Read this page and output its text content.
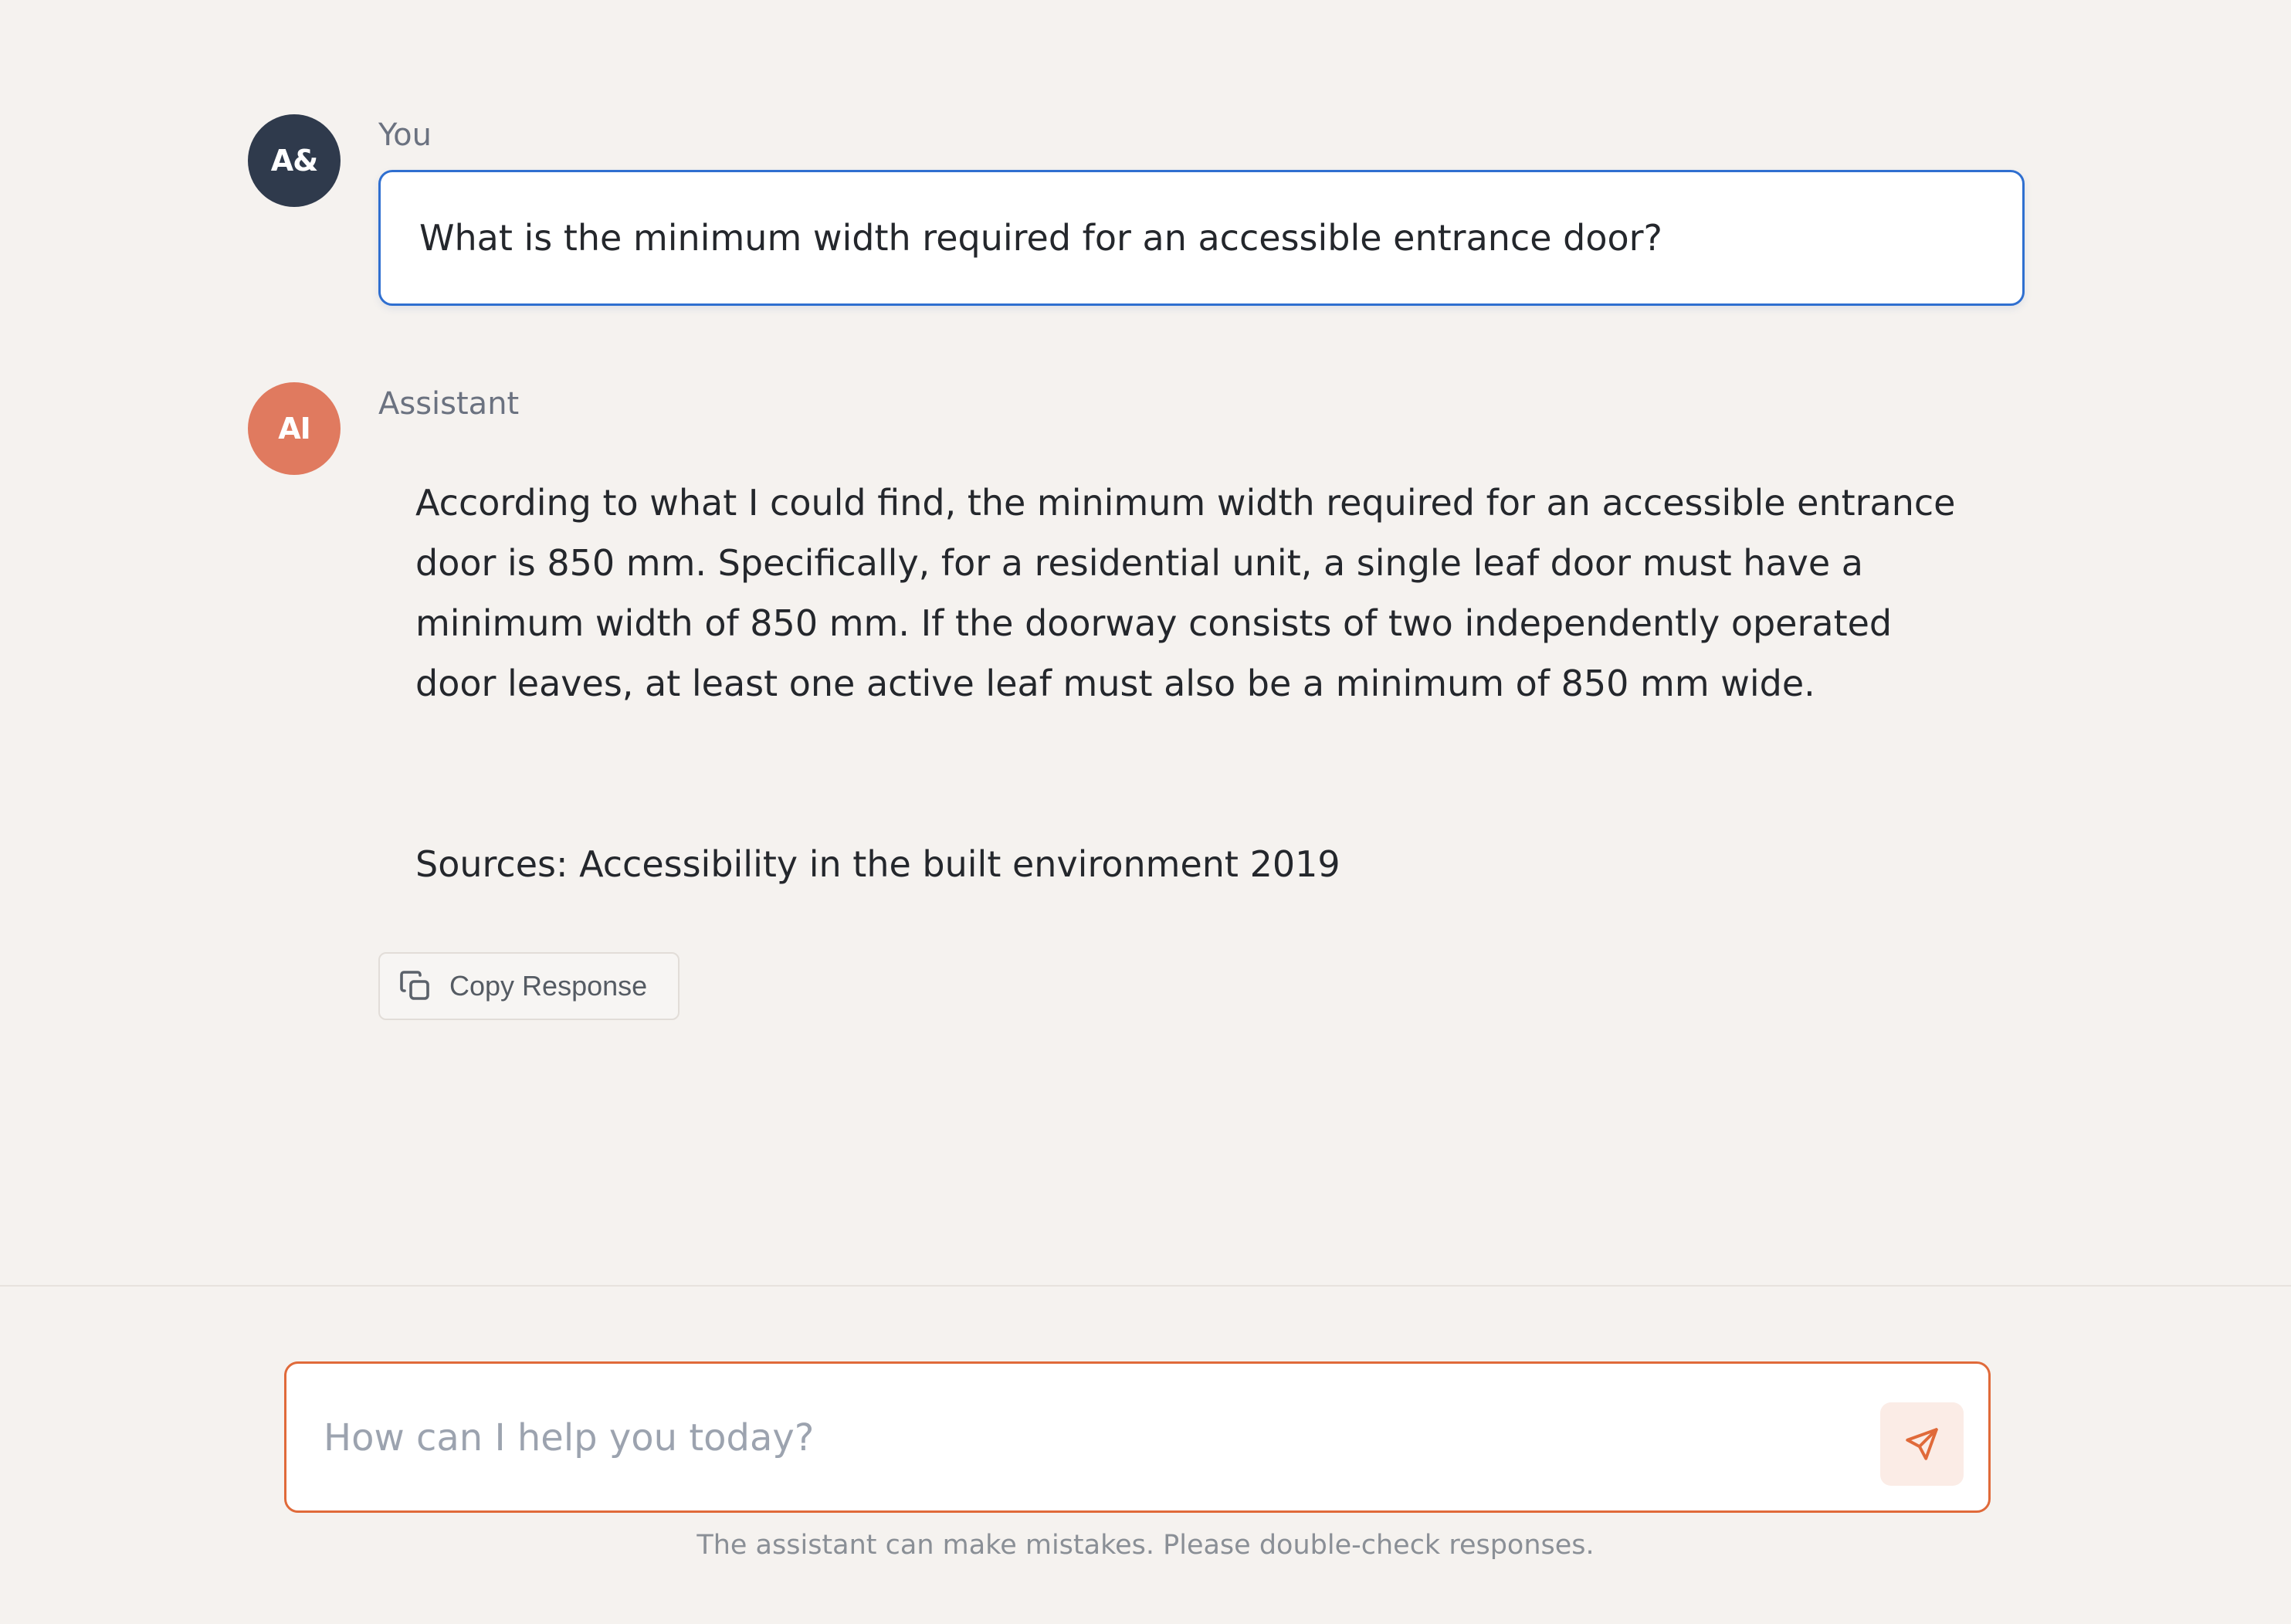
A&
You
What is the minimum width required for an accessible entrance door?
AI
Assistant

According to what I could find, the minimum width required for an accessible entrance door is 850 mm. Specifically, for a residential unit, a single leaf door must have a minimum width of 850 mm. If the doorway consists of two independently operated door leaves, at least one active leaf must also be a minimum of 850 mm wide.

Sources: Accessibility in the built environment 2019
Copy Response
How can I help you today?
The assistant can make mistakes. Please double-check responses.
